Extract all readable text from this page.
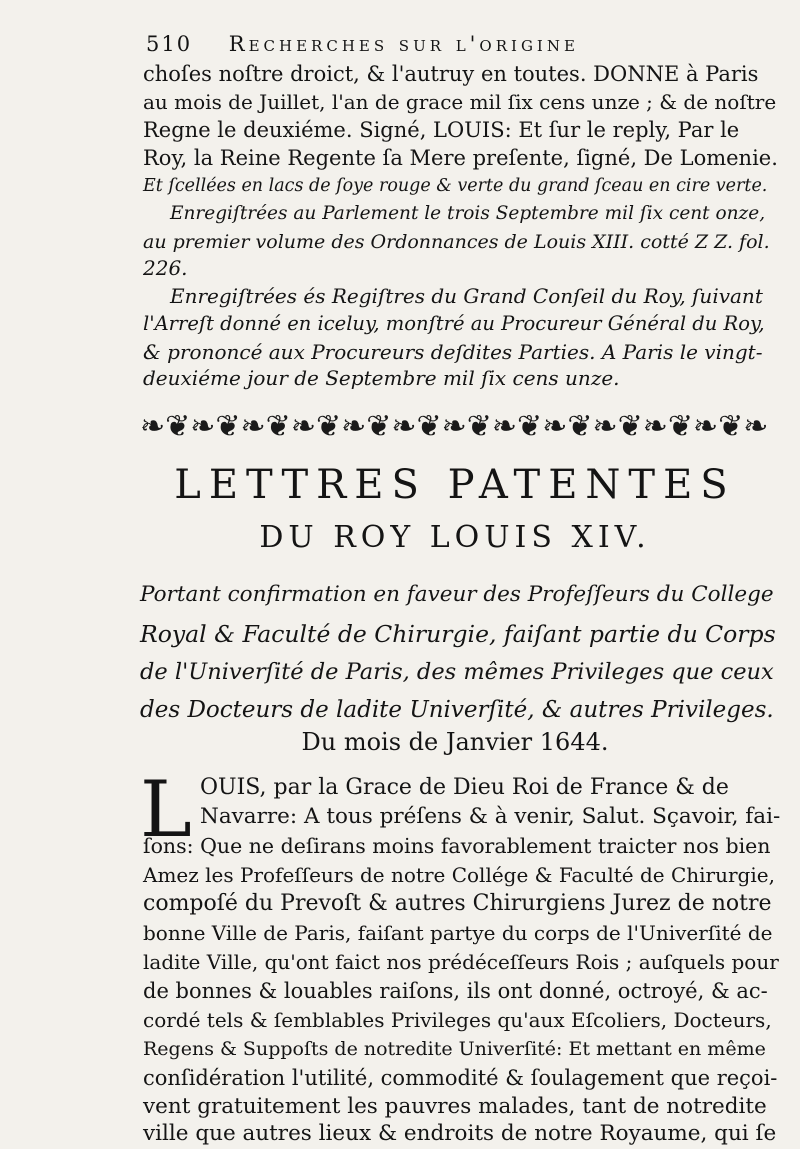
510 Recherches sur l'origine
choſes noſtre droict, & l'autruy en toutes. DONNE à Paris
au mois de Juillet, l'an de grace mil ſix cens unze ; & de noſtre
Regne le deuxiéme. Signé, LOUIS: Et ſur le reply, Par le
Roy, la Reine Regente ſa Mere preſente, ſigné, De Lomenie.
Et ſcellées en lacs de ſoye rouge & verte du grand ſceau en cire verte.
Enregiſtrées au Parlement le trois Septembre mil ſix cent onze,
au premier volume des Ordonnances de Louis XIII. cotté Z Z. fol.
226.
Enregiſtrées és Regiſtres du Grand Conſeil du Roy, ſuivant
l'Arreſt donné en iceluy, monſtré au Procureur Général du Roy,
& prononcé aux Procureurs deſdites Parties. A Paris le vingt-
deuxiéme jour de Septembre mil ſix cens unze.
❧❦❧❦❧❦❧❦❧❦❧❦❧❦❧❦❧❦❧❦❧❦❧❦❧
LETTRES PATENTES
DU ROY LOUIS XIV.
Portant confirmation en faveur des Profeſſeurs du College
Royal & Faculté de Chirurgie, faiſant partie du Corps
de l'Univerſité de Paris, des mêmes Privileges que ceux
des Docteurs de ladite Univerſité, & autres Privileges.
Du mois de Janvier 1644.
L OUIS, par la Grace de Dieu Roi de France & de
Navarre: A tous préſens & à venir, Salut. Sçavoir, fai-
ſons: Que ne deſirans moins favorablement traicter nos bien
Amez les Profeſſeurs de notre Collége & Faculté de Chirurgie,
compoſé du Prevoſt & autres Chirurgiens Jurez de notre
bonne Ville de Paris, faiſant partye du corps de l'Univerſité de
ladite Ville, qu'ont faict nos prédéceſſeurs Rois ; auſquels pour
de bonnes & louables raiſons, ils ont donné, octroyé, & ac-
cordé tels & ſemblables Privileges qu'aux Eſcoliers, Docteurs,
Regens & Suppoſts de notredite Univerſité: Et mettant en même
conſidération l'utilité, commodité & ſoulagement que reçoi-
vent gratuitement les pauvres malades, tant de notredite
ville que autres lieux & endroits de notre Royaume, qui ſe
